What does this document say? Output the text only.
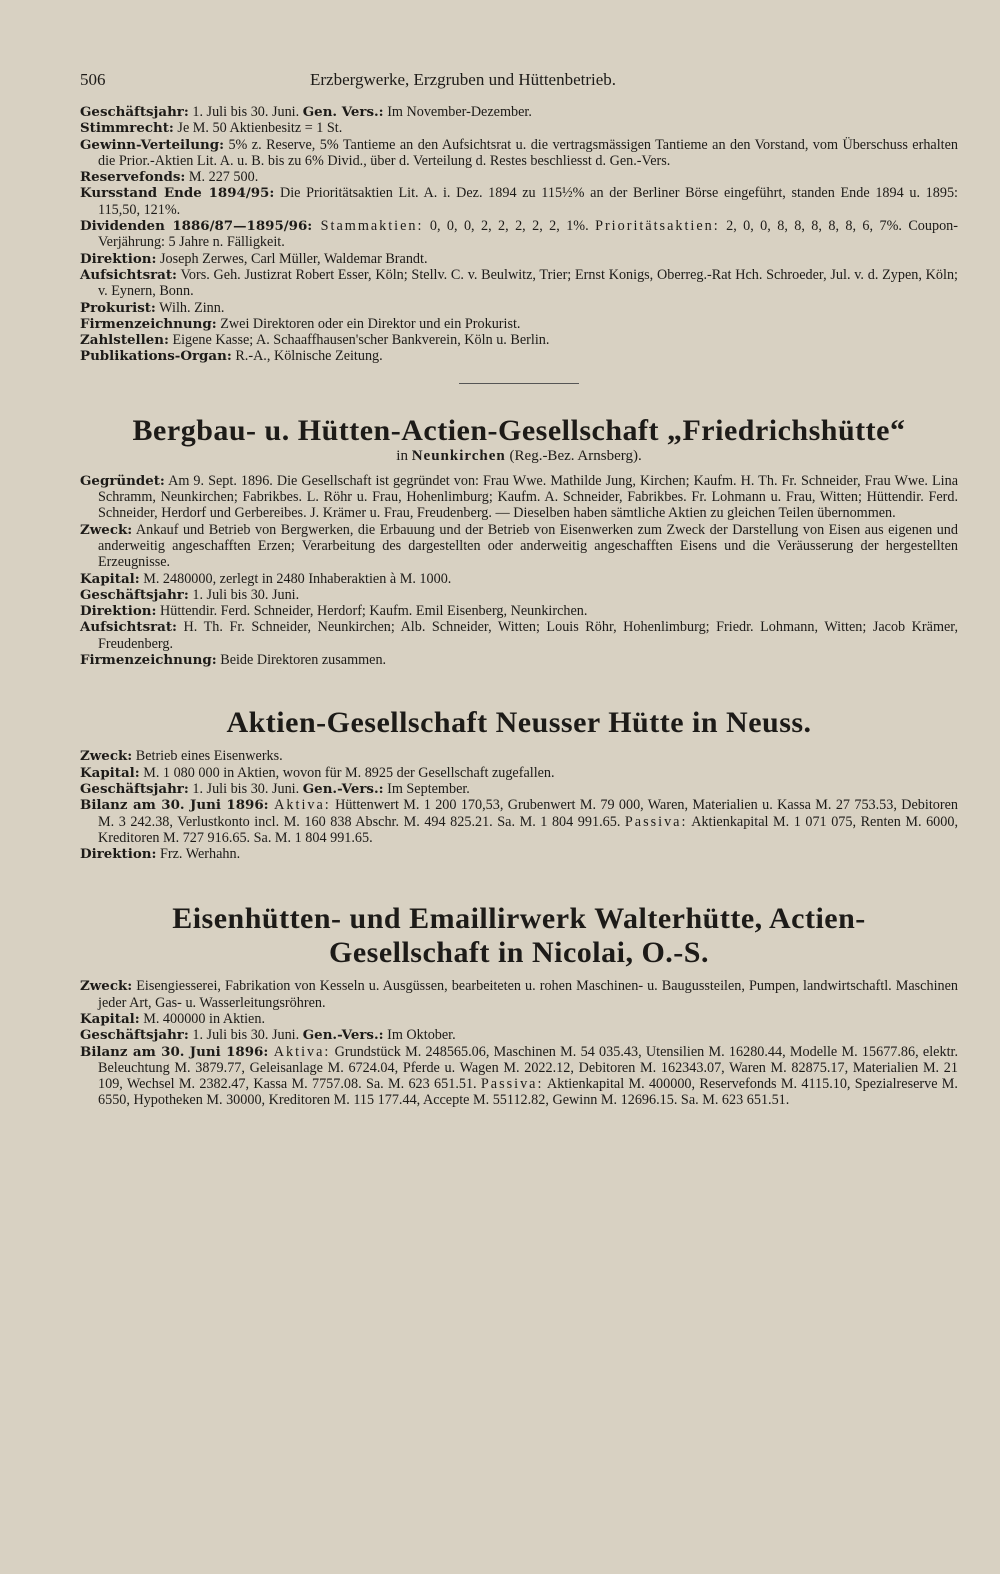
506	Erzbergwerke, Erzgruben und Hüttenbetrieb.

Geschäftsjahr: 1. Juli bis 30. Juni. Gen. Vers.: Im November-Dezember.

Stimmrecht: Je M. 50 Aktienbesitz = 1 St.

Gewinn-Verteilung: 5% z. Reserve, 5% Tantieme an den Aufsichtsrat u. die vertragsmässigen Tantieme an den Vorstand, vom Überschuss erhalten die Prior.-Aktien Lit. A. u. B. bis zu 6% Divid., über d. Verteilung d. Restes beschliesst d. Gen.-Vers.

Reservefonds: M. 227 500.

Kursstand Ende 1894/95: Die Prioritätsaktien Lit. A. i. Dez. 1894 zu 115½% an der Berliner Börse eingeführt, standen Ende 1894 u. 1895: 115,50, 121%.

Dividenden 1886/87—1895/96: Stammaktien: 0, 0, 0, 2, 2, 2, 2, 2, 1%. Prioritätsaktien: 2, 0, 0, 8, 8, 8, 8, 8, 6, 7%. Coupon-Verjährung: 5 Jahre n. Fälligkeit.

Direktion: Joseph Zerwes, Carl Müller, Waldemar Brandt.

Aufsichtsrat: Vors. Geh. Justizrat Robert Esser, Köln; Stellv. C. v. Beulwitz, Trier; Ernst Konigs, Oberreg.-Rat Hch. Schroeder, Jul. v. d. Zypen, Köln; v. Eynern, Bonn.

Prokurist: Wilh. Zinn.

Firmenzeichnung: Zwei Direktoren oder ein Direktor und ein Prokurist.

Zahlstellen: Eigene Kasse; A. Schaaffhausen'scher Bankverein, Köln u. Berlin.

Publikations-Organ: R.-A., Kölnische Zeitung.

Bergbau- u. Hütten-Actien-Gesellschaft „Friedrichshütte“

in Neunkirchen (Reg.-Bez. Arnsberg).

Gegründet: Am 9. Sept. 1896. Die Gesellschaft ist gegründet von: Frau Wwe. Mathilde Jung, Kirchen; Kaufm. H. Th. Fr. Schneider, Frau Wwe. Lina Schramm, Neunkirchen; Fabrikbes. L. Röhr u. Frau, Hohenlimburg; Kaufm. A. Schneider, Fabrikbes. Fr. Lohmann u. Frau, Witten; Hüttendir. Ferd. Schneider, Herdorf und Gerbereibes. J. Krämer u. Frau, Freudenberg. — Dieselben haben sämtliche Aktien zu gleichen Teilen übernommen.

Zweck: Ankauf und Betrieb von Bergwerken, die Erbauung und der Betrieb von Eisenwerken zum Zweck der Darstellung von Eisen aus eigenen und anderweitig angeschafften Erzen; Verarbeitung des dargestellten oder anderweitig angeschafften Eisens und die Veräusserung der hergestellten Erzeugnisse.

Kapital: M. 2480000, zerlegt in 2480 Inhaberaktien à M. 1000.

Geschäftsjahr: 1. Juli bis 30. Juni.

Direktion: Hüttendir. Ferd. Schneider, Herdorf; Kaufm. Emil Eisenberg, Neunkirchen.

Aufsichtsrat: H. Th. Fr. Schneider, Neunkirchen; Alb. Schneider, Witten; Louis Röhr, Hohenlimburg; Friedr. Lohmann, Witten; Jacob Krämer, Freudenberg.

Firmenzeichnung: Beide Direktoren zusammen.

Aktien-Gesellschaft Neusser Hütte in Neuss.

Zweck: Betrieb eines Eisenwerks.

Kapital: M. 1 080 000 in Aktien, wovon für M. 8925 der Gesellschaft zugefallen.

Geschäftsjahr: 1. Juli bis 30. Juni. Gen.-Vers.: Im September.

Bilanz am 30. Juni 1896: Aktiva: Hüttenwert M. 1 200 170,53, Grubenwert M. 79 000, Waren, Materialien u. Kassa M. 27 753.53, Debitoren M. 3 242.38, Verlustkonto incl. M. 160 838 Abschr. M. 494 825.21. Sa. M. 1 804 991.65. Passiva: Aktienkapital M. 1 071 075, Renten M. 6000, Kreditoren M. 727 916.65. Sa. M. 1 804 991.65.

Direktion: Frz. Werhahn.

Eisenhütten- und Emaillirwerk Walterhütte, Actien-
Gesellschaft in Nicolai, O.-S.

Zweck: Eisengiesserei, Fabrikation von Kesseln u. Ausgüssen, bearbeiteten u. rohen Maschinen- u. Baugussteilen, Pumpen, landwirtschaftl. Maschinen jeder Art, Gas- u. Wasserleitungsröhren.

Kapital: M. 400000 in Aktien.

Geschäftsjahr: 1. Juli bis 30. Juni. Gen.-Vers.: Im Oktober.

Bilanz am 30. Juni 1896: Aktiva: Grundstück M. 248565.06, Maschinen M. 54 035.43, Utensilien M. 16280.44, Modelle M. 15677.86, elektr. Beleuchtung M. 3879.77, Geleisanlage M. 6724.04, Pferde u. Wagen M. 2022.12, Debitoren M. 162343.07, Waren M. 82875.17, Materialien M. 21 109, Wechsel M. 2382.47, Kassa M. 7757.08. Sa. M. 623 651.51. Passiva: Aktienkapital M. 400000, Reservefonds M. 4115.10, Spezialreserve M. 6550, Hypotheken M. 30000, Kreditoren M. 115 177.44, Accepte M. 55112.82, Gewinn M. 12696.15. Sa. M. 623 651.51.
